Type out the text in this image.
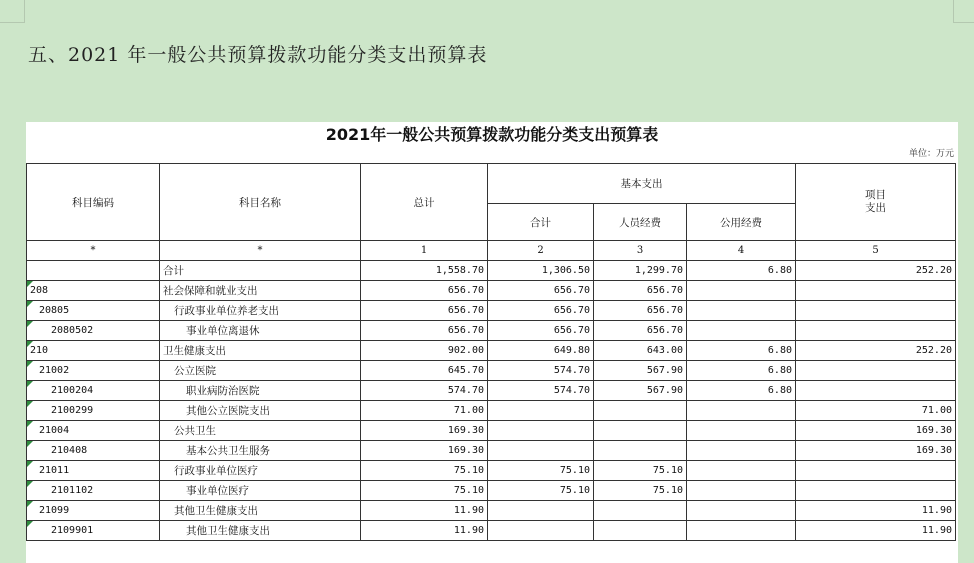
五、2021 年一般公共预算拨款功能分类支出预算表
2021年一般公共预算拨款功能分类支出预算表
单位：万元
科目编码	科目名称	总计	基本支出			项目
支出
			合计	人员经费	公用经费	
*	*	1	2	3	4	5
	合计	1,558.70	1,306.50	1,299.70	6.80	252.20
208	社会保障和就业支出	656.70	656.70	656.70		
20805	行政事业单位养老支出	656.70	656.70	656.70		
2080502	事业单位离退休	656.70	656.70	656.70		
210	卫生健康支出	902.00	649.80	643.00	6.80	252.20
21002	公立医院	645.70	574.70	567.90	6.80	
2100204	职业病防治医院	574.70	574.70	567.90	6.80	
2100299	其他公立医院支出	71.00				71.00
21004	公共卫生	169.30				169.30
210408	基本公共卫生服务	169.30				169.30
21011	行政事业单位医疗	75.10	75.10	75.10		
2101102	事业单位医疗	75.10	75.10	75.10		
21099	其他卫生健康支出	11.90				11.90
2109901	其他卫生健康支出	11.90				11.90
